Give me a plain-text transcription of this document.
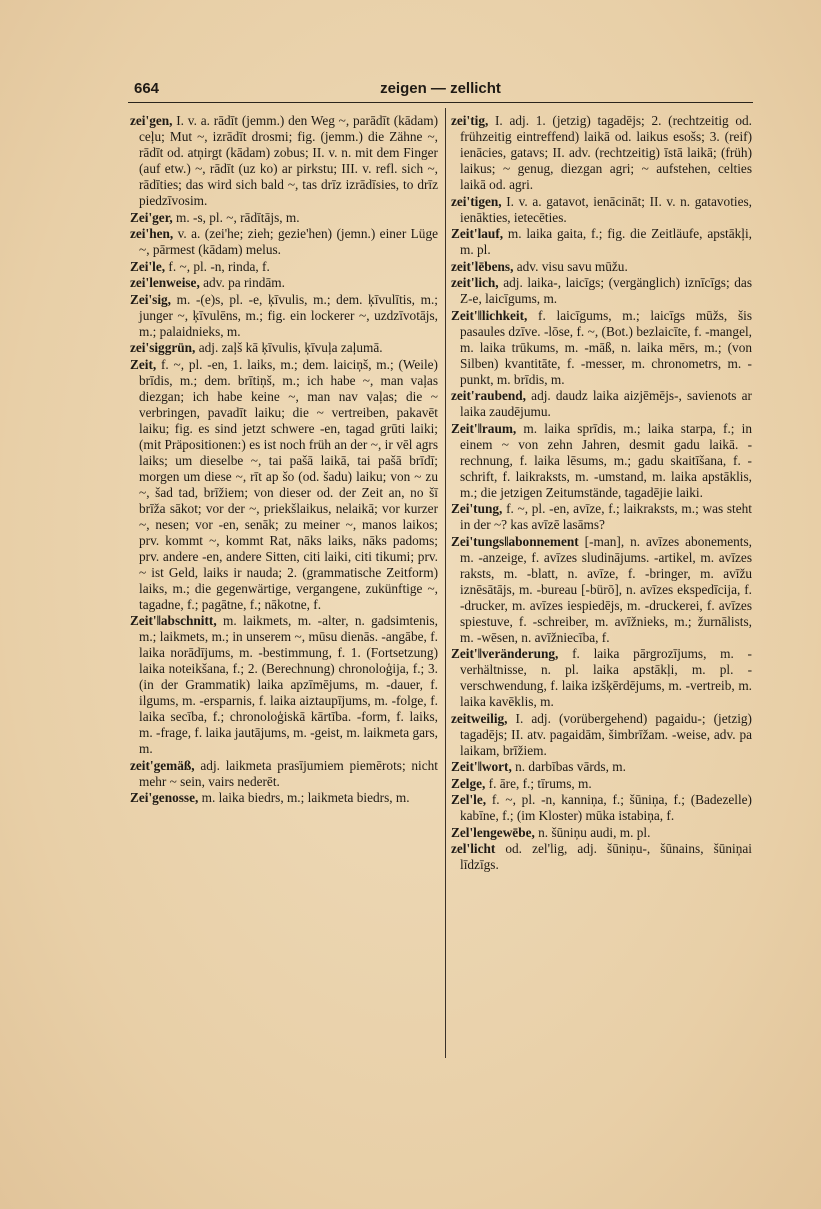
664	zeigen — zellicht
zei'gen, I. v. a. rādīt (jemm.) den Weg ~, parādīt (kādam) ceļu; Mut ~, izrādīt drosmi; fig. (jemm.) die Zähne ~, rādīt od. atņirgt (kādam) zobus; II. v. n. mit dem Finger (auf etw.) ~, rādīt (uz ko) ar pirkstu; III. v. refl. sich ~, rādīties; das wird sich bald ~, tas drīz izrādīsies, to drīz piedzīvosim.
Zei'ger, m. -s, pl. ~, rādītājs, m.
zei'hen, v. a. (zei'he; zieh; gezie'hen) (jemn.) einer Lüge ~, pārmest (kādam) melus.
Zei'le, f. ~, pl. -n, rinda, f.
zei'lenweise, adv. pa rindām.
Zei'sig, m. -(e)s, pl. -e, ķīvulis, m.; dem. ķīvulītis, m.; junger ~, ķīvulēns, m.; fig. ein lockerer ~, uzdzīvotājs, m.; palaidnieks, m.
zei'siggrün, adj. zaļš kā ķīvulis, ķīvuļa zaļumā.
Zeit, f. ~, pl. -en, 1. laiks, m.; dem. laiciņš, m.; (Weile) brīdis, m.; dem. brītiņš, m.; ich habe ~, man vaļas diezgan; ich habe keine ~, man nav vaļas; die ~ verbringen, pavadīt laiku; die ~ vertreiben, pakavēt laiku; fig. es sind jetzt schwere -en, tagad grūti laiki; (mit Präpositionen:) es ist noch früh an der ~, ir vēl agrs laiks; um dieselbe ~, tai pašā laikā, tai pašā brīdī; morgen um diese ~, rīt ap šo (od. šadu) laiku; von ~ zu ~, šad tad, brīžiem; von dieser od. der Zeit an, no šī brīža sākot; vor der ~, priekšlaikus, nelaikā; vor kurzer ~, nesen; vor -en, senāk; zu meiner ~, manos laikos; prv. kommt ~, kommt Rat, nāks laiks, nāks padoms; prv. andere -en, andere Sitten, citi laiki, citi tikumi; prv. ~ ist Geld, laiks ir nauda; 2. (grammatische Zeitform) laiks, m.; die gegenwärtige, vergangene, zukünftige ~, tagadne, f.; pagātne, f.; nākotne, f.
Zeit'‖abschnitt, m. laikmets, m. -alter, n. gadsimtenis, m.; laikmets, m.; in unserem ~, mūsu dienās. -angābe, f. laika norādījums, m. -bestimmung, f. 1. (Fortsetzung) laika noteikšana, f.; 2. (Berechnung) chronoloģija, f.; 3. (in der Grammatik) laika apzīmējums, m. -dauer, f. ilgums, m. -ersparnis, f. laika aiztaupījums, m. -folge, f. laika secība, f.; chronoloģiskā kārtība. -form, f. laiks, m. -frage, f. laika jautājums, m. -geist, m. laikmeta gars, m.
zeit'gemäß, adj. laikmeta prasījumiem piemērots; nicht mehr ~ sein, vairs nederēt.
Zei'genosse, m. laika biedrs, m.; laikmeta biedrs, m.
zei'tig, I. adj. 1. (jetzig) tagadējs; 2. (rechtzeitig od. frühzeitig eintreffend) laikā od. laikus esošs; 3. (reif) ienācies, gatavs; II. adv. (rechtzeitig) īstā laikā; (früh) laikus; ~ genug, diezgan agri; ~ aufstehen, celties laikā od. agri.
zei'tigen, I. v. a. gatavot, ienācināt; II. v. n. gatavoties, ienākties, ietecēties.
Zeit'lauf, m. laika gaita, f.; fig. die Zeitläufe, apstākļi, m. pl.
zeit'lēbens, adv. visu savu mūžu.
zeit'lich, adj. laika-, laicīgs; (vergänglich) iznīcīgs; das Z-e, laicīgums, m.
Zeit'‖lichkeit, f. laicīgums, m.; laicīgs mūžs, šis pasaules dzīve. -lōse, f. ~, (Bot.) bezlaicīte, f. -mangel, m. laika trūkums, m. -māß, n. laika mērs, m.; (von Silben) kvantitāte, f. -messer, m. chronometrs, m. -punkt, m. brīdis, m.
zeit'raubend, adj. daudz laika aizjēmējs-, savienots ar laika zaudējumu.
Zeit'‖raum, m. laika sprīdis, m.; laika starpa, f.; in einem ~ von zehn Jahren, desmit gadu laikā. -rechnung, f. laika lēsums, m.; gadu skaitīšana, f. -schrift, f. laikraksts, m. -umstand, m. laika apstāklis, m.; die jetzigen Zeitumstände, tagadējie laiki.
Zei'tung, f. ~, pl. -en, avīze, f.; laikraksts, m.; was steht in der ~? kas avīzē lasāms?
Zei'tungs‖abonnement [-man], n. avīzes abonements, m. -anzeige, f. avīzes sludinājums. -artikel, m. avīzes raksts, m. -blatt, n. avīze, f. -bringer, m. avīžu iznēsātājs, m. -bureau [-bürō], n. avīzes ekspedīcija, f. -drucker, m. avīzes iespiedējs, m. -druckerei, f. avīzes spiestuve, f. -schreiber, m. avīžnieks, m.; žurnālists, m. -wēsen, n. avīžniecība, f.
Zeit'‖veränderung, f. laika pārgrozījums, m. -verhältnisse, n. pl. laika apstākļi, m. pl. -verschwendung, f. laika izšķērdējums, m. -vertreib, m. laika kavēklis, m.
zeitweilig, I. adj. (vorübergehend) pagaidu-; (jetzig) tagadējs; II. atv. pagaidām, šimbrīžam. -weise, adv. pa laikam, brīžiem.
Zeit'‖wort, n. darbības vārds, m.
Zelge, f. āre, f.; tīrums, m.
Zel'le, f. ~, pl. -n, kanniņa, f.; šūniņa, f.; (Badezelle) kabīne, f.; (im Kloster) mūka istabiņa, f.
Zel'lengewēbe, n. šūniņu audi, m. pl.
zel'licht od. zel'lig, adj. šūniņu-, šūnains, šūniņai līdzīgs.
